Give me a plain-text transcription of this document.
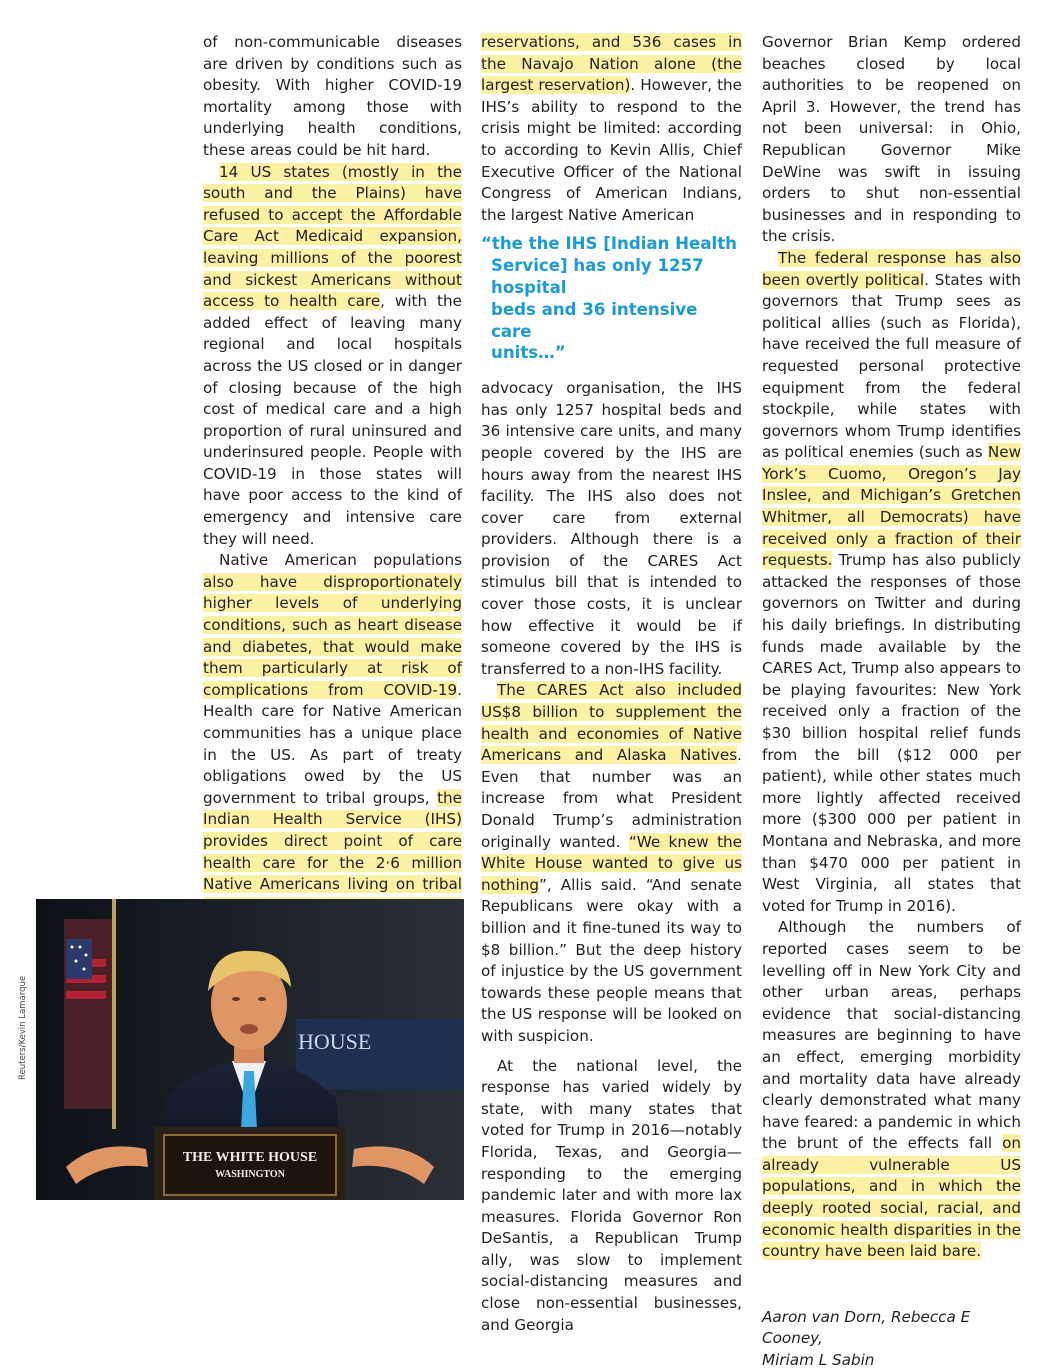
of non-communicable diseases are driven by conditions such as obesity. With higher COVID-19 mortality among those with underlying health conditions, these areas could be hit hard.

14 US states (mostly in the south and the Plains) have refused to accept the Affordable Care Act Medicaid expansion, leaving millions of the poorest and sickest Americans without access to health care, with the added effect of leaving many regional and local hospitals across the US closed or in danger of closing because of the high cost of medical care and a high proportion of rural uninsured and underinsured people. People with COVID-19 in those states will have poor access to the kind of emergency and intensive care they will need.

Native American populations also have disproportionately higher levels of underlying conditions, such as heart disease and diabetes, that would make them particularly at risk of complications from COVID-19. Health care for Native American communities has a unique place in the US. As part of treaty obligations owed by the US government to tribal groups, the Indian Health Service (IHS) provides direct point of care health care for the 2·6 million Native Americans living on tribal

reservations, and 536 cases in the Navajo Nation alone (the largest reservation). However, the IHS’s ability to respond to the crisis might be limited: according to according to Kevin Allis, Chief Executive Officer of the National Congress of American Indians, the largest Native American

“the the IHS [Indian Health
Service] has only 1257 hospital
beds and 36 intensive care
units…”

advocacy organisation, the IHS has only 1257 hospital beds and 36 intensive care units, and many people covered by the IHS are hours away from the nearest IHS facility. The IHS also does not cover care from external providers. Although there is a provision of the CARES Act stimulus bill that is intended to cover those costs, it is unclear how effective it would be if someone covered by the IHS is transferred to a non-IHS facility.

The CARES Act also included US$8 billion to supplement the health and economies of Native Americans and Alaska Natives. Even that number was an increase from what President Donald Trump’s administration originally wanted. “We knew the White House wanted to give us nothing”, Allis said. “And senate Republicans were okay with a billion and it fine-tuned its way to $8 billion.” But the deep history of injustice by the US government towards these people means that the US response will be looked on with suspicion.

At the national level, the response has varied widely by state, with many states that voted for Trump in 2016—notably Florida, Texas, and Georgia—responding to the emerging pandemic later and with more lax measures. Florida Governor Ron DeSantis, a Republican Trump ally, was slow to implement social-distancing measures and close non-essential businesses, and Georgia

Governor Brian Kemp ordered beaches closed by local authorities to be reopened on April 3. However, the trend has not been universal: in Ohio, Republican Governor Mike DeWine was swift in issuing orders to shut non-essential businesses and in responding to the crisis.

The federal response has also been overtly political. States with governors that Trump sees as political allies (such as Florida), have received the full measure of requested personal protective equipment from the federal stockpile, while states with governors whom Trump identifies as political enemies (such as New York’s Cuomo, Oregon’s Jay Inslee, and Michigan’s Gretchen Whitmer, all Democrats) have received only a fraction of their requests. Trump has also publicly attacked the responses of those governors on Twitter and during his daily briefings. In distributing funds made available by the CARES Act, Trump also appears to be playing favourites: New York received only a fraction of the $30 billion hospital relief funds from the bill ($12 000 per patient), while other states much more lightly affected received more ($300 000 per patient in Montana and Nebraska, and more than $470 000 per patient in West Virginia, all states that voted for Trump in 2016).

Although the numbers of reported cases seem to be levelling off in New York City and other urban areas, perhaps evidence that social-distancing measures are beginning to have an effect, emerging morbidity and mortality data have already clearly demonstrated what many have feared: a pandemic in which the brunt of the effects fall on already vulnerable US populations, and in which the deeply rooted social, racial, and economic health disparities in the country have been laid bare.

Aaron van Dorn, Rebecca E Cooney,
Miriam L Sabin
HOUSE
THE WHITE HOUSE
WASHINGTON
Reuters/Kevin Lamarque
